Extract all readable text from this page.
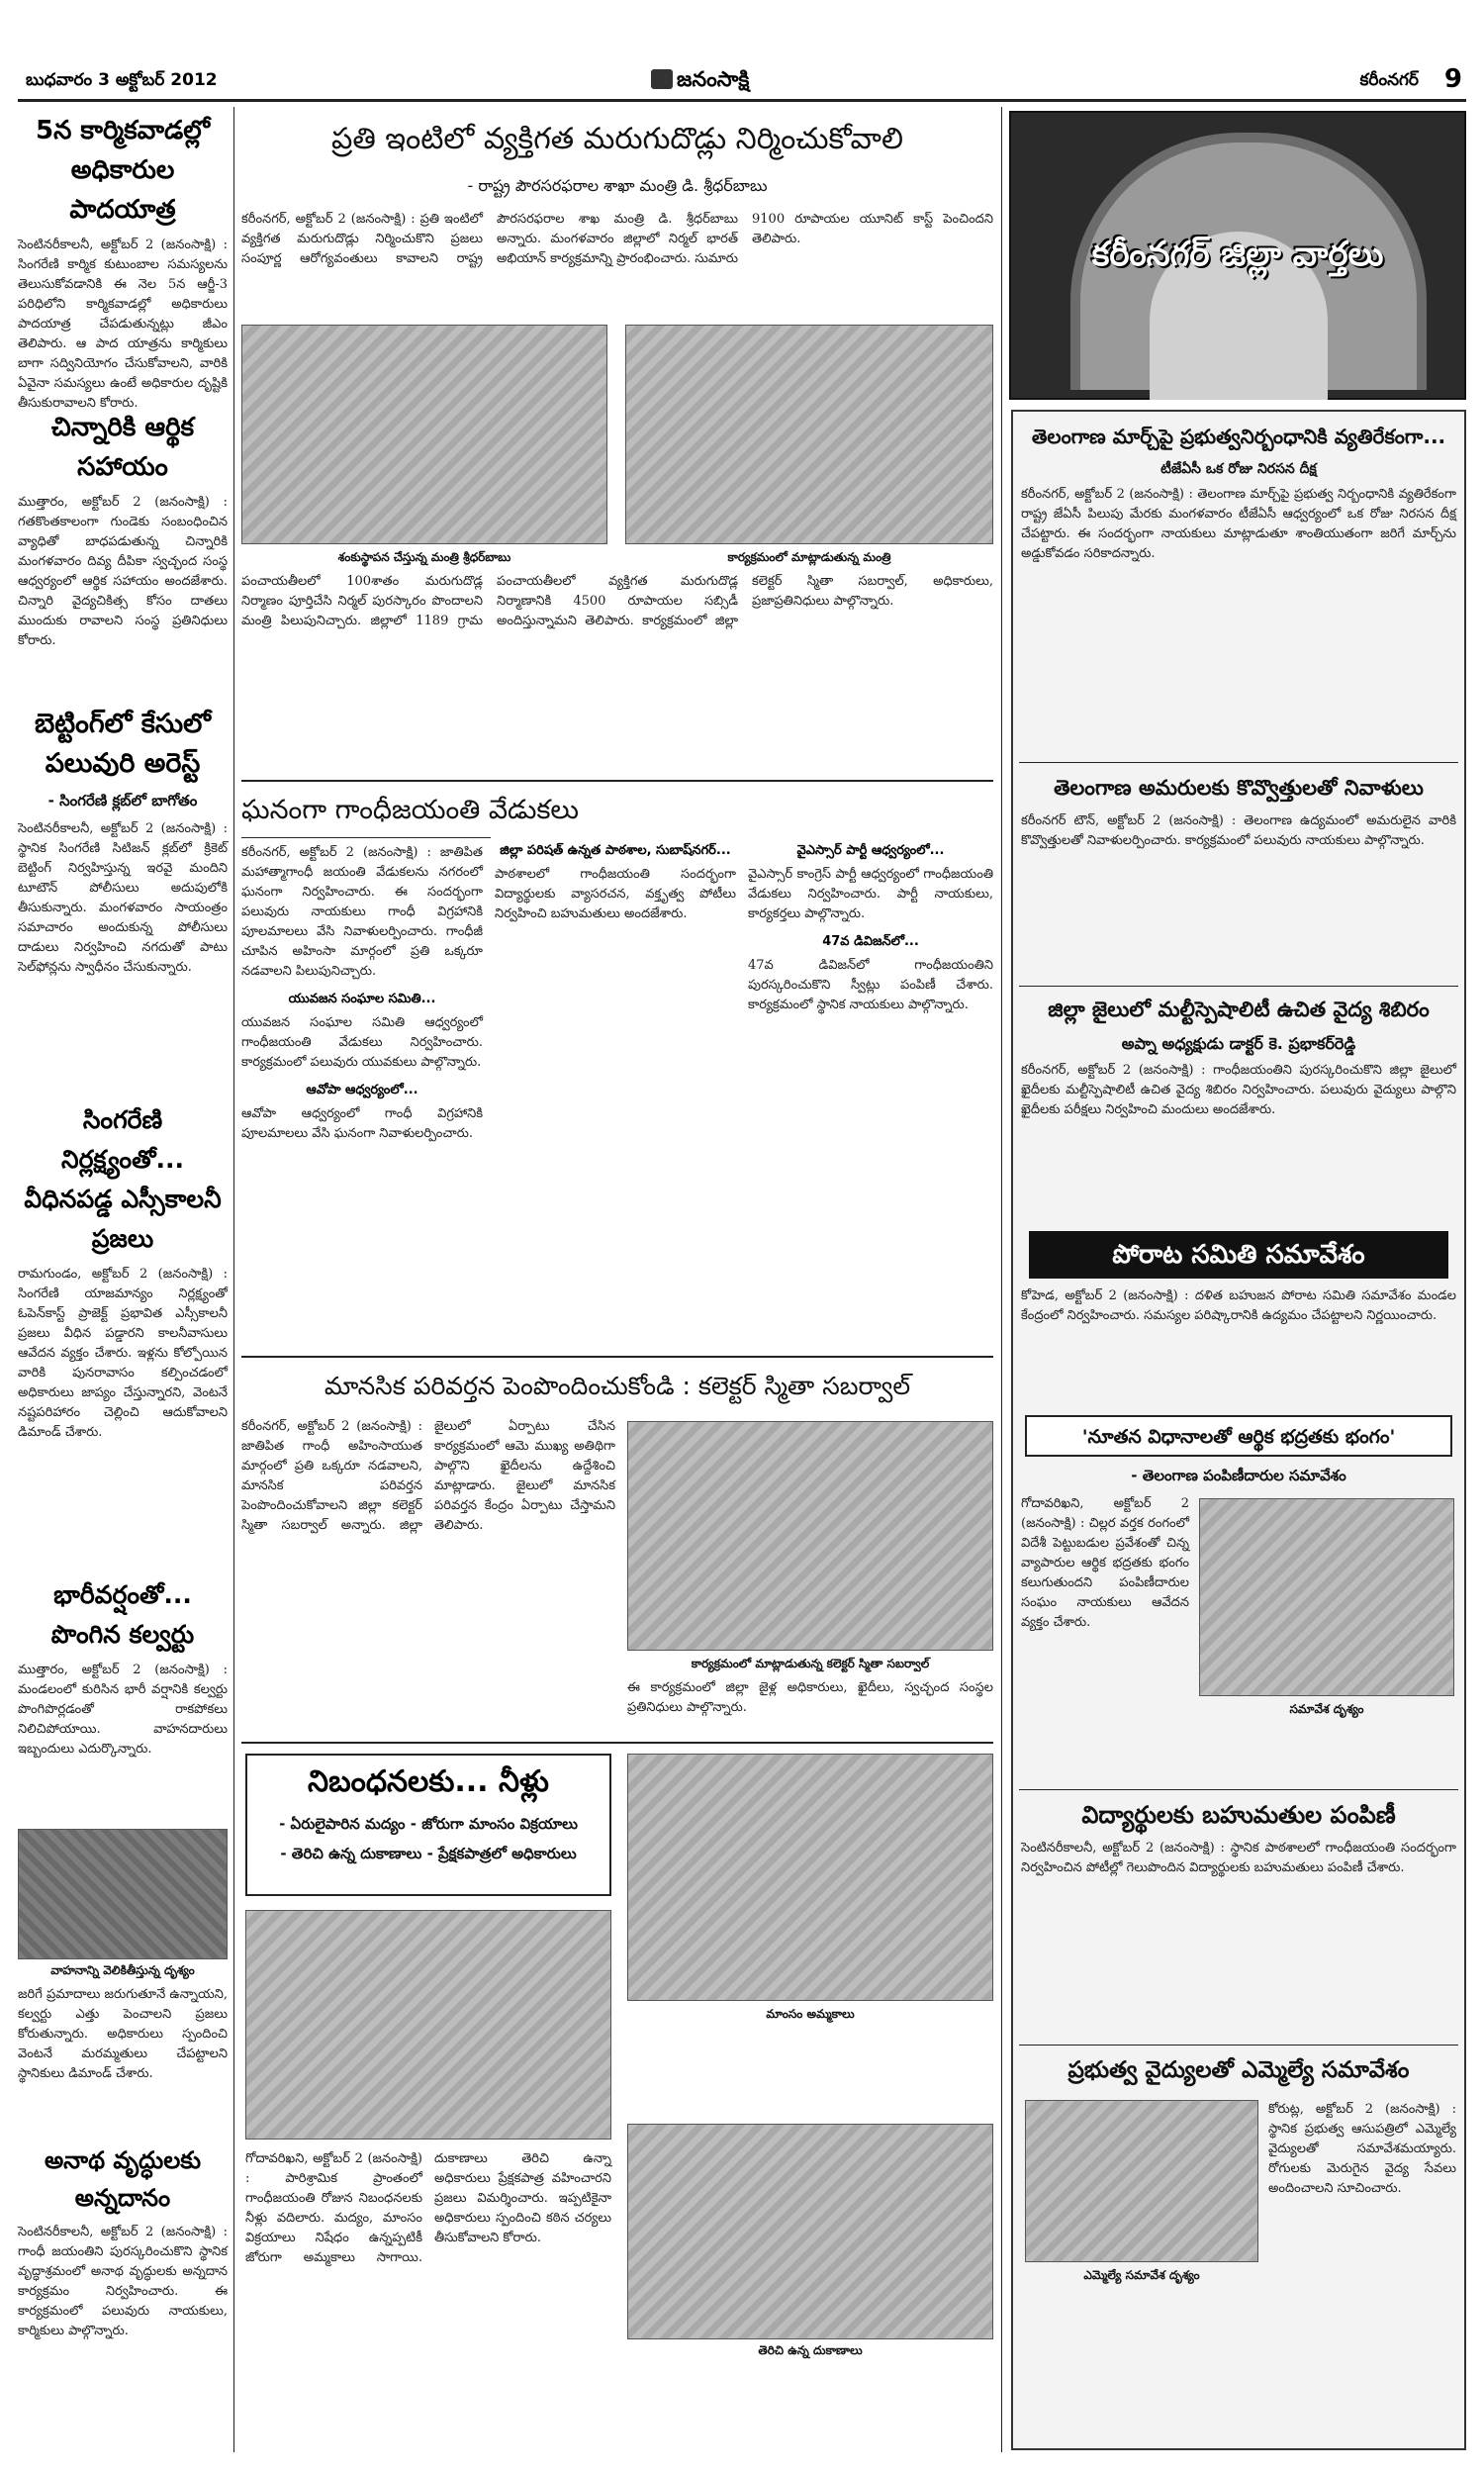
బుధవారం 3 అక్టోబర్ 2012	జనంసాక్షి	కరీంనగర్ 9
5న కార్మికవాడల్లో అధికారుల పాదయాత్ర
సెంటినరీకాలనీ, అక్టోబర్ 2 (జనంసాక్షి) : సింగరేణి కార్మిక కుటుంబాల సమస్యలను తెలుసుకోవడానికి ఈ నెల 5న ఆర్జీ-3 పరిధిలోని కార్మికవాడల్లో అధికారులు పాదయాత్ర చేపడుతున్నట్లు జీఎం తెలిపారు. ఆ పాద యాత్రను కార్మికులు బాగా సద్వినియోగం చేసుకోవాలని, వారికి ఏవైనా సమస్యలు ఉంటే అధికారుల దృష్టికి తీసుకురావాలని కోరారు.
చిన్నారికి ఆర్థిక సహాయం
ముత్తారం, అక్టోబర్ 2 (జనంసాక్షి) : గతకొంతకాలంగా గుండెకు సంబంధించిన వ్యాధితో బాధపడుతున్న చిన్నారికి మంగళవారం దివ్య దీపికా స్వచ్ఛంద సంస్థ ఆధ్వర్యంలో ఆర్థిక సహాయం అందజేశారు. చిన్నారి వైద్యచికిత్స కోసం దాతలు ముందుకు రావాలని సంస్థ ప్రతినిధులు కోరారు.
బెట్టింగ్‌లో కేసులో పలువురి అరెస్ట్
- సింగరేణి క్లబ్‌లో బాగోతం
సెంటినరీకాలనీ, అక్టోబర్ 2 (జనంసాక్షి) : స్థానిక సింగరేణి సిటిజన్ క్లబ్‌లో క్రికెట్ బెట్టింగ్ నిర్వహిస్తున్న ఇరవై మందిని టూటౌన్ పోలీసులు అదుపులోకి తీసుకున్నారు. మంగళవారం సాయంత్రం సమాచారం అందుకున్న పోలీసులు దాడులు నిర్వహించి నగదుతో పాటు సెల్‌ఫోన్లను స్వాధీనం చేసుకున్నారు.
సింగరేణి నిర్లక్ష్యంతో... వీధినపడ్డ ఎస్సీకాలనీ ప్రజలు
రామగుండం, అక్టోబర్ 2 (జనంసాక్షి) : సింగరేణి యాజమాన్యం నిర్లక్ష్యంతో ఓపెన్‌కాస్ట్ ప్రాజెక్ట్ ప్రభావిత ఎస్సీకాలనీ ప్రజలు వీధిన పడ్డారని కాలనీవాసులు ఆవేదన వ్యక్తం చేశారు. ఇళ్లను కోల్పోయిన వారికి పునరావాసం కల్పించడంలో అధికారులు జాప్యం చేస్తున్నారని, వెంటనే నష్టపరిహారం చెల్లించి ఆదుకోవాలని డిమాండ్ చేశారు.
భారీవర్షంతో... పొంగిన కల్వర్టు
ముత్తారం, అక్టోబర్ 2 (జనంసాక్షి) : మండలంలో కురిసిన భారీ వర్షానికి కల్వర్టు పొంగిపొర్లడంతో రాకపోకలు నిలిచిపోయాయి. వాహనదారులు ఇబ్బందులు ఎదుర్కొన్నారు.
వాహనాన్ని వెలికితీస్తున్న దృశ్యం
జరిగే ప్రమాదాలు జరుగుతూనే ఉన్నాయని, కల్వర్టు ఎత్తు పెంచాలని ప్రజలు కోరుతున్నారు. అధికారులు స్పందించి వెంటనే మరమ్మతులు చేపట్టాలని స్థానికులు డిమాండ్ చేశారు.
అనాథ వృద్ధులకు అన్నదానం
సెంటినరీకాలనీ, అక్టోబర్ 2 (జనంసాక్షి) : గాంధీ జయంతిని పురస్కరించుకొని స్థానిక వృద్ధాశ్రమంలో అనాథ వృద్ధులకు అన్నదాన కార్యక్రమం నిర్వహించారు. ఈ కార్యక్రమంలో పలువురు నాయకులు, కార్మికులు పాల్గొన్నారు.
ప్రతి ఇంటిలో వ్యక్తిగత మరుగుదొడ్లు నిర్మించుకోవాలి
- రాష్ట్ర పౌరసరఫరాల శాఖా మంత్రి డి. శ్రీధర్‌బాబు
కరీంనగర్, అక్టోబర్ 2 (జనంసాక్షి) : ప్రతి ఇంటిలో వ్యక్తిగత మరుగుదొడ్లు నిర్మించుకొని ప్రజలు సంపూర్ణ ఆరోగ్యవంతులు కావాలని రాష్ట్ర పౌరసరఫరాల శాఖ మంత్రి డి. శ్రీధర్‌బాబు అన్నారు. మంగళవారం జిల్లాలో నిర్మల్ భారత్ అభియాన్ కార్యక్రమాన్ని ప్రారంభించారు. సుమారు 9100 రూపాయల యూనిట్ కాస్ట్ పెంచిందని తెలిపారు.
శంకుస్థాపన చేస్తున్న మంత్రి శ్రీధర్‌బాబు	కార్యక్రమంలో మాట్లాడుతున్న మంత్రి
పంచాయతీలలో 100శాతం మరుగుదొడ్ల నిర్మాణం పూర్తిచేసి నిర్మల్ పురస్కారం పొందాలని మంత్రి పిలుపునిచ్చారు. జిల్లాలో 1189 గ్రామ పంచాయతీలలో వ్యక్తిగత మరుగుదొడ్ల నిర్మాణానికి 4500 రూపాయల సబ్సిడీ అందిస్తున్నామని తెలిపారు. కార్యక్రమంలో జిల్లా కలెక్టర్ స్మితా సబర్వాల్, అధికారులు, ప్రజాప్రతినిధులు పాల్గొన్నారు.
ఘనంగా గాంధీజయంతి వేడుకలు
కరీంనగర్, అక్టోబర్ 2 (జనంసాక్షి) : జాతిపిత మహాత్మాగాంధీ జయంతి వేడుకలను నగరంలో ఘనంగా నిర్వహించారు. ఈ సందర్భంగా పలువురు నాయకులు గాంధీ విగ్రహానికి పూలమాలలు వేసి నివాళులర్పించారు. గాంధీజీ చూపిన అహింసా మార్గంలో ప్రతి ఒక్కరూ నడవాలని పిలుపునిచ్చారు.
యువజన సంఘాల సమితి...
యువజన సంఘాల సమితి ఆధ్వర్యంలో గాంధీజయంతి వేడుకలు నిర్వహించారు. కార్యక్రమంలో పలువురు యువకులు పాల్గొన్నారు.
ఆవోపా ఆధ్వర్యంలో...
ఆవోపా ఆధ్వర్యంలో గాంధీ విగ్రహానికి పూలమాలలు వేసి ఘనంగా నివాళులర్పించారు.
జిల్లా పరిషత్ ఉన్నత పాఠశాల, సుబాష్‌నగర్...
పాఠశాలలో గాంధీజయంతి సందర్భంగా విద్యార్థులకు వ్యాసరచన, వక్తృత్వ పోటీలు నిర్వహించి బహుమతులు అందజేశారు.
వైఎస్సార్ పార్టీ ఆధ్వర్యంలో...
వైఎస్సార్ కాంగ్రెస్ పార్టీ ఆధ్వర్యంలో గాంధీజయంతి వేడుకలు నిర్వహించారు. పార్టీ నాయకులు, కార్యకర్తలు పాల్గొన్నారు.
47వ డివిజన్‌లో...
47వ డివిజన్‌లో గాంధీజయంతిని పురస్కరించుకొని స్వీట్లు పంపిణీ చేశారు. కార్యక్రమంలో స్థానిక నాయకులు పాల్గొన్నారు.
మానసిక పరివర్తన పెంపొందించుకోండి : కలెక్టర్ స్మితా సబర్వాల్
కరీంనగర్, అక్టోబర్ 2 (జనంసాక్షి) : జాతిపిత గాంధీ అహింసాయుత మార్గంలో ప్రతి ఒక్కరూ నడవాలని, మానసిక పరివర్తన పెంపొందించుకోవాలని జిల్లా కలెక్టర్ స్మితా సబర్వాల్ అన్నారు. జిల్లా జైలులో ఏర్పాటు చేసిన కార్యక్రమంలో ఆమె ముఖ్య అతిథిగా పాల్గొని ఖైదీలను ఉద్దేశించి మాట్లాడారు. జైలులో మానసిక పరివర్తన కేంద్రం ఏర్పాటు చేస్తామని తెలిపారు.
కార్యక్రమంలో మాట్లాడుతున్న కలెక్టర్ స్మితా సబర్వాల్
ఈ కార్యక్రమంలో జిల్లా జైళ్ల అధికారులు, ఖైదీలు, స్వచ్ఛంద సంస్థల ప్రతినిధులు పాల్గొన్నారు.
నిబంధనలకు... నీళ్లు
- ఏరులైపారిన మద్యం - జోరుగా మాంసం విక్రయాలు
- తెరిచి ఉన్న దుకాణాలు - ప్రేక్షకపాత్రలో అధికారులు
మాంసం అమ్మకాలు
తెరిచి ఉన్న దుకాణాలు
గోదావరిఖని, అక్టోబర్ 2 (జనంసాక్షి) : పారిశ్రామిక ప్రాంతంలో గాంధీజయంతి రోజున నిబంధనలకు నీళ్లు వదిలారు. మద్యం, మాంసం విక్రయాలు నిషేధం ఉన్నప్పటికీ జోరుగా అమ్మకాలు సాగాయి. దుకాణాలు తెరిచి ఉన్నా అధికారులు ప్రేక్షకపాత్ర వహించారని ప్రజలు విమర్శించారు. ఇప్పటికైనా అధికారులు స్పందించి కఠిన చర్యలు తీసుకోవాలని కోరారు.
కరీంనగర్ జిల్లా వార్తలు
తెలంగాణ మార్చ్‌పై ప్రభుత్వనిర్బంధానికి వ్యతిరేకంగా...
టీజేఏసీ ఒక రోజు నిరసన దీక్ష
కరీంనగర్, అక్టోబర్ 2 (జనంసాక్షి) : తెలంగాణ మార్చ్‌పై ప్రభుత్వ నిర్బంధానికి వ్యతిరేకంగా రాష్ట్ర జేఏసీ పిలుపు మేరకు మంగళవారం టీజేఏసీ ఆధ్వర్యంలో ఒక రోజు నిరసన దీక్ష చేపట్టారు. ఈ సందర్భంగా నాయకులు మాట్లాడుతూ శాంతియుతంగా జరిగే మార్చ్‌ను అడ్డుకోవడం సరికాదన్నారు.
తెలంగాణ అమరులకు కొవ్వొత్తులతో నివాళులు
కరీంనగర్ టౌన్, అక్టోబర్ 2 (జనంసాక్షి) : తెలంగాణ ఉద్యమంలో అమరులైన వారికి కొవ్వొత్తులతో నివాళులర్పించారు. కార్యక్రమంలో పలువురు నాయకులు పాల్గొన్నారు.
జిల్లా జైలులో మల్టీస్పెషాలిటీ ఉచిత వైద్య శిబిరం
అప్నా అధ్యక్షుడు డాక్టర్ కె. ప్రభాకర్‌రెడ్డి
కరీంనగర్, అక్టోబర్ 2 (జనంసాక్షి) : గాంధీజయంతిని పురస్కరించుకొని జిల్లా జైలులో ఖైదీలకు మల్టీస్పెషాలిటీ ఉచిత వైద్య శిబిరం నిర్వహించారు. పలువురు వైద్యులు పాల్గొని ఖైదీలకు పరీక్షలు నిర్వహించి మందులు అందజేశారు.
పోరాట సమితి సమావేశం
కోహెడ, అక్టోబర్ 2 (జనంసాక్షి) : దళిత బహుజన పోరాట సమితి సమావేశం మండల కేంద్రంలో నిర్వహించారు. సమస్యల పరిష్కారానికి ఉద్యమం చేపట్టాలని నిర్ణయించారు.
'నూతన విధానాలతో ఆర్థిక భద్రతకు భంగం'
- తెలంగాణ పంపిణీదారుల సమావేశం
గోదావరిఖని, అక్టోబర్ 2 (జనంసాక్షి) : చిల్లర వర్తక రంగంలో విదేశీ పెట్టుబడుల ప్రవేశంతో చిన్న వ్యాపారుల ఆర్థిక భద్రతకు భంగం కలుగుతుందని పంపిణీదారుల సంఘం నాయకులు ఆవేదన వ్యక్తం చేశారు.
సమావేశ దృశ్యం
విద్యార్థులకు బహుమతుల పంపిణీ
సెంటినరీకాలనీ, అక్టోబర్ 2 (జనంసాక్షి) : స్థానిక పాఠశాలలో గాంధీజయంతి సందర్భంగా నిర్వహించిన పోటీల్లో గెలుపొందిన విద్యార్థులకు బహుమతులు పంపిణీ చేశారు.
ప్రభుత్వ వైద్యులతో ఎమ్మెల్యే సమావేశం
ఎమ్మెల్యే సమావేశ దృశ్యం
కోరుట్ల, అక్టోబర్ 2 (జనంసాక్షి) : స్థానిక ప్రభుత్వ ఆసుపత్రిలో ఎమ్మెల్యే వైద్యులతో సమావేశమయ్యారు. రోగులకు మెరుగైన వైద్య సేవలు అందించాలని సూచించారు.
